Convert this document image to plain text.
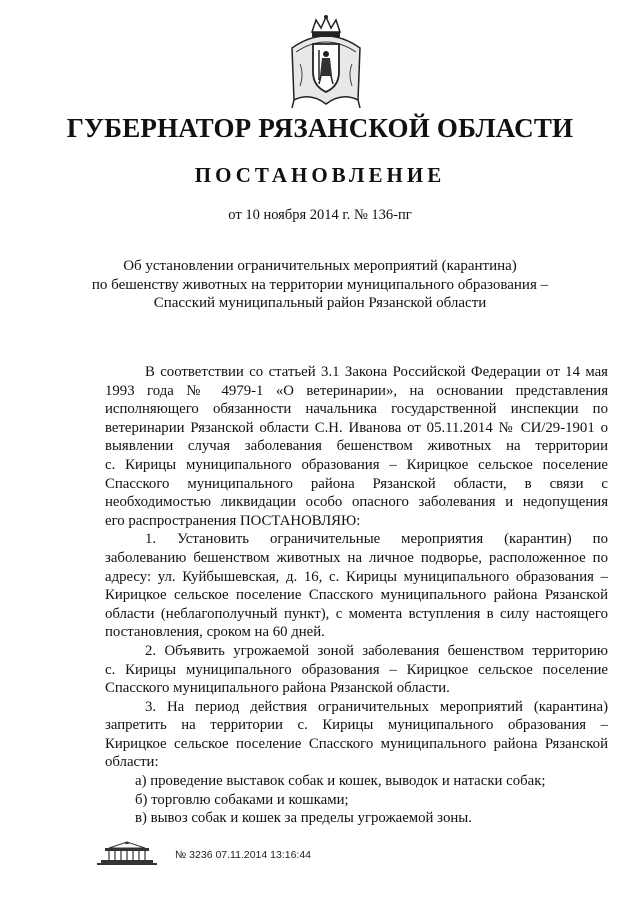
ГУБЕРНАТОР РЯЗАНСКОЙ ОБЛАСТИ
ПОСТАНОВЛЕНИЕ

от 10 ноября 2014 г. № 136-пг

Об установлении ограничительных мероприятий (карантина)
по бешенству животных на территории муниципального образования –
Спасский муниципальный район Рязанской области
В соответствии со статьей 3.1 Закона Российской Федерации от 14 мая
1993 года № 4979-1 «О ветеринарии», на основании представления
исполняющего обязанности начальника государственной инспекции по
ветеринарии Рязанской области С.Н. Иванова от 05.11.2014 № СИ/29-1901 о
выявлении случая заболевания бешенством животных на территории
с. Кирицы муниципального образования – Кирицкое сельское поселение
Спасского муниципального района Рязанской области, в связи с
необходимостью ликвидации особо опасного заболевания и недопущения
его распространения ПОСТАНОВЛЯЮ:
1. Установить ограничительные мероприятия (карантин) по
заболеванию бешенством животных на личное подворье, расположенное по
адресу: ул. Куйбышевская, д. 16, с. Кирицы муниципального образования –
Кирицкое сельское поселение Спасского муниципального района Рязанской
области (неблагополучный пункт), с момента вступления в силу настоящего
постановления, сроком на 60 дней.
2. Объявить угрожаемой зоной заболевания бешенством территорию
с. Кирицы муниципального образования – Кирицкое сельское поселение
Спасского муниципального района Рязанской области.
3. На период действия ограничительных мероприятий (карантина)
запретить на территории с. Кирицы муниципального образования –
Кирицкое сельское поселение Спасского муниципального района Рязанской
области:
а) проведение выставок собак и кошек, выводок и натаски собак;
б) торговлю собаками и кошками;
в) вывоз собак и кошек за пределы угрожаемой зоны.
№ 3236 07.11.2014 13:16:44
